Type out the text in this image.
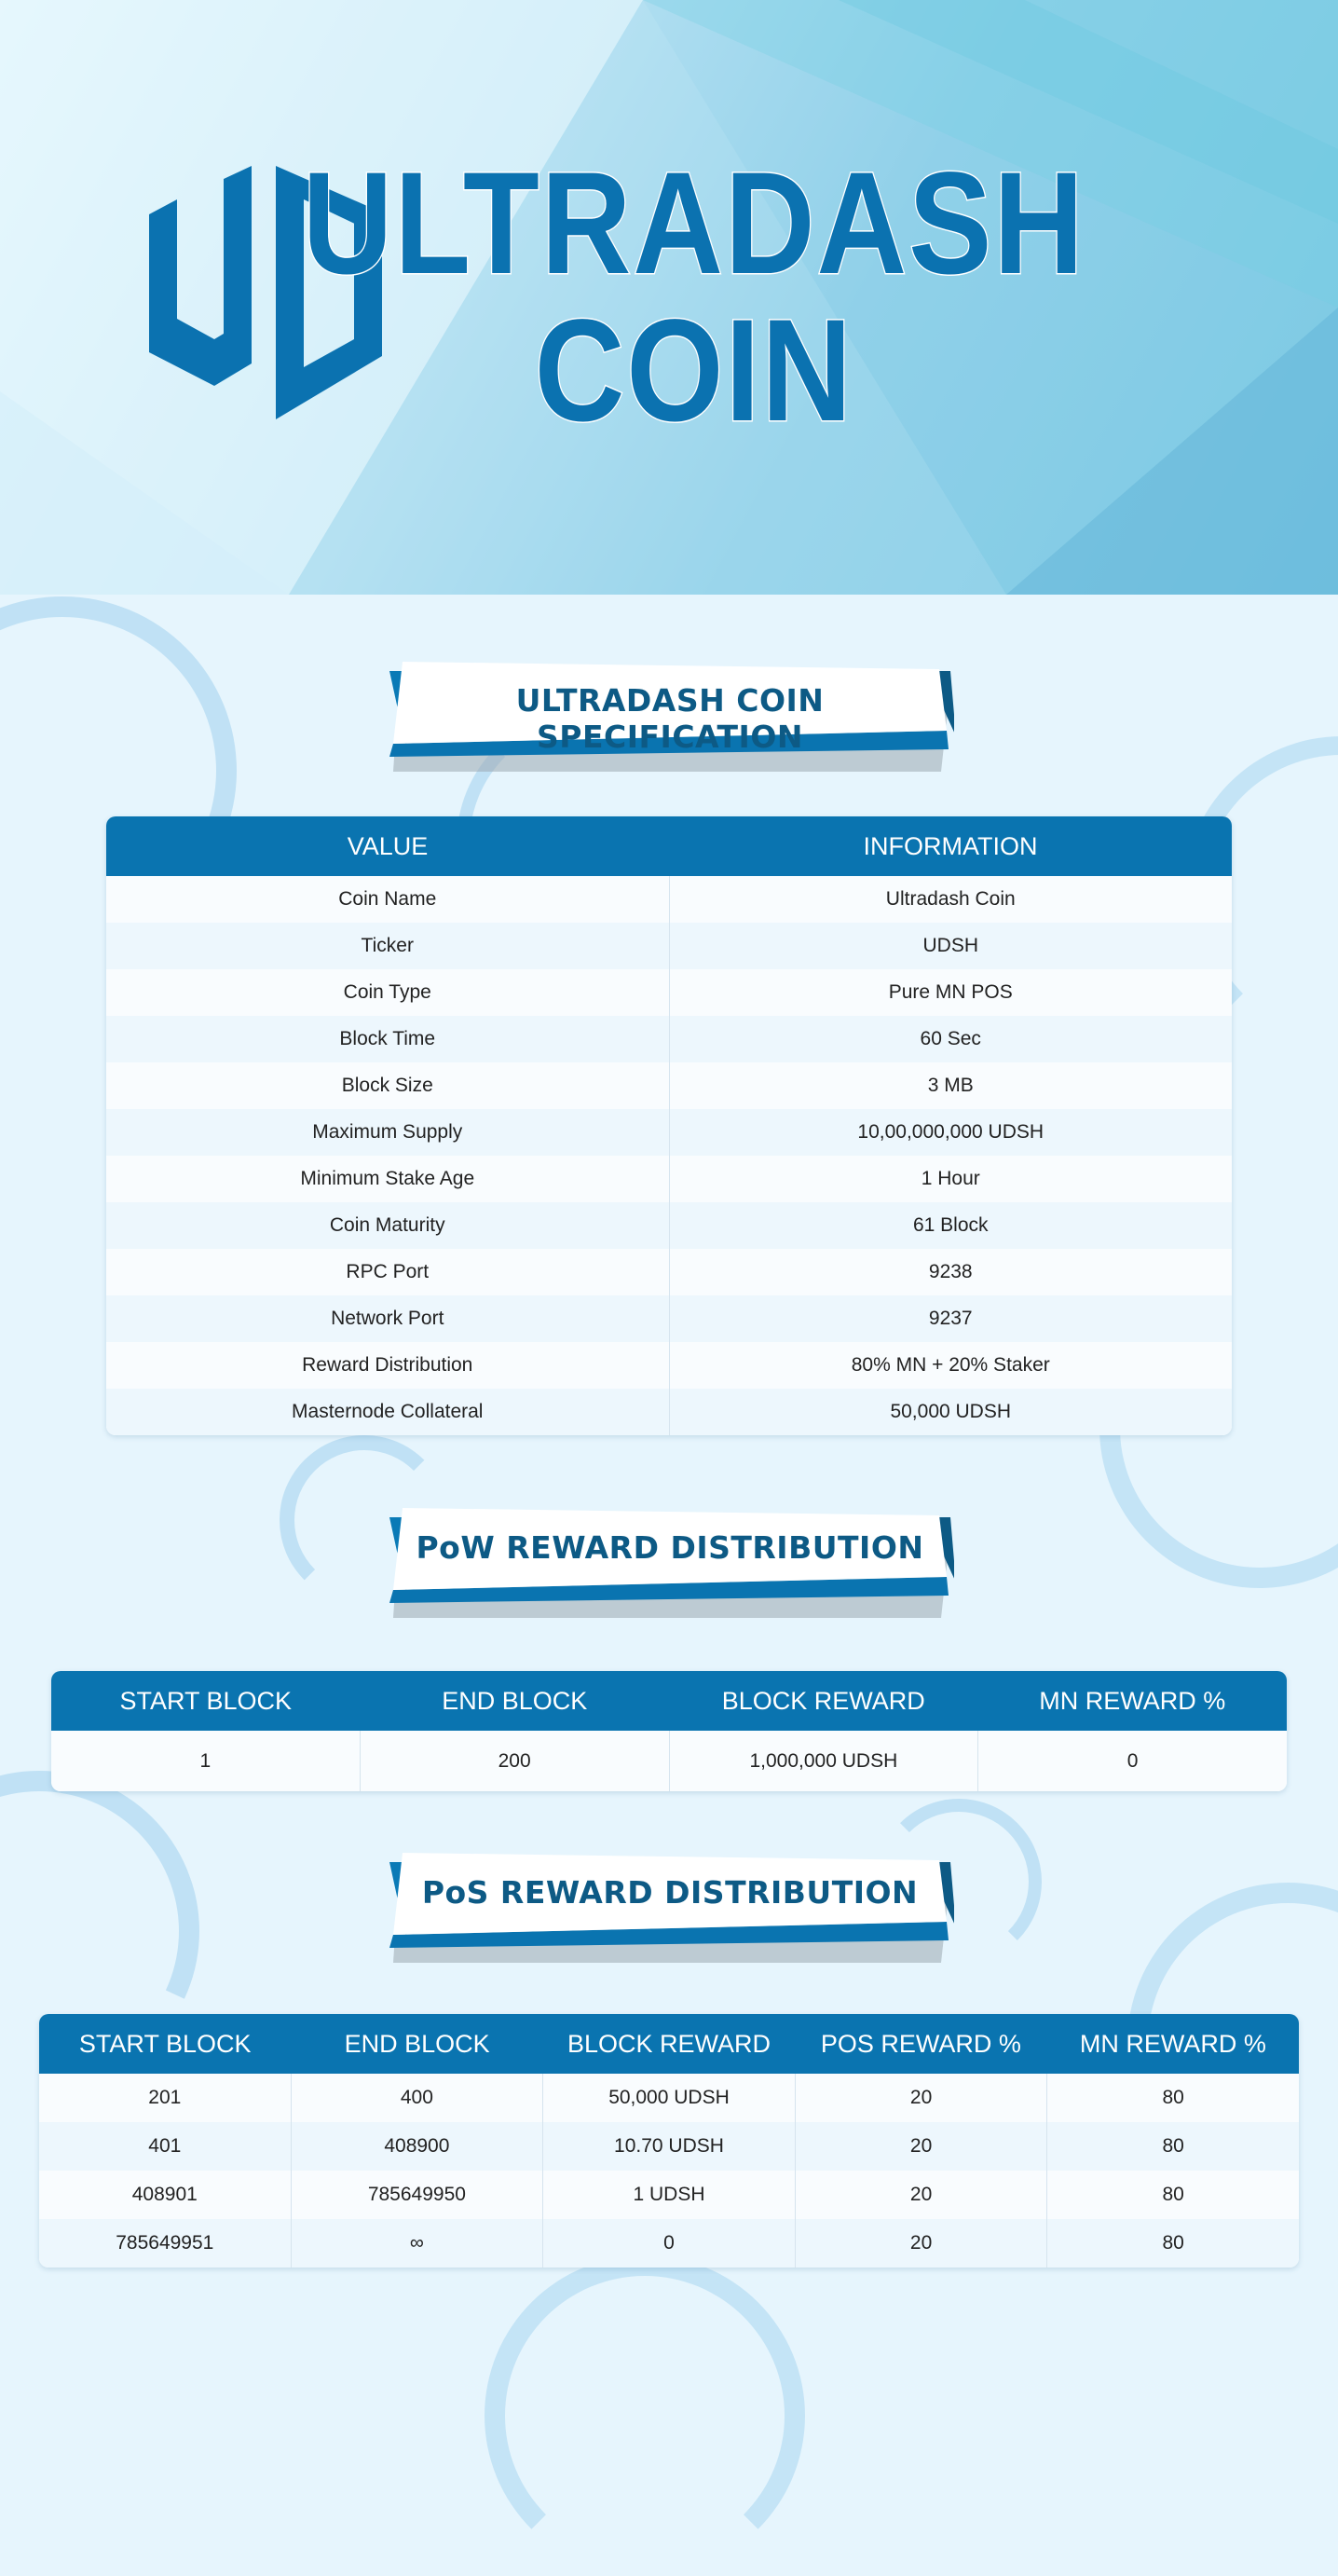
ULTRADASH
COIN
ULTRADASH COIN SPECIFICATION
VALUE	INFORMATION
Coin Name	Ultradash Coin
Ticker	UDSH
Coin Type	Pure MN POS
Block Time	60 Sec
Block Size	3 MB
Maximum Supply	10,00,000,000 UDSH
Minimum Stake Age	1 Hour
Coin Maturity	61 Block
RPC Port	9238
Network Port	9237
Reward Distribution	80% MN + 20% Staker
Masternode Collateral	50,000 UDSH
PoW REWARD DISTRIBUTION
START BLOCK	END BLOCK	BLOCK REWARD	MN REWARD %
1	200	1,000,000 UDSH	0
PoS REWARD DISTRIBUTION
START BLOCK	END BLOCK	BLOCK REWARD	POS REWARD %	MN REWARD %
201	400	50,000 UDSH	20	80
401	408900	10.70 UDSH	20	80
408901	785649950	1 UDSH	20	80
785649951	∞	0	20	80
